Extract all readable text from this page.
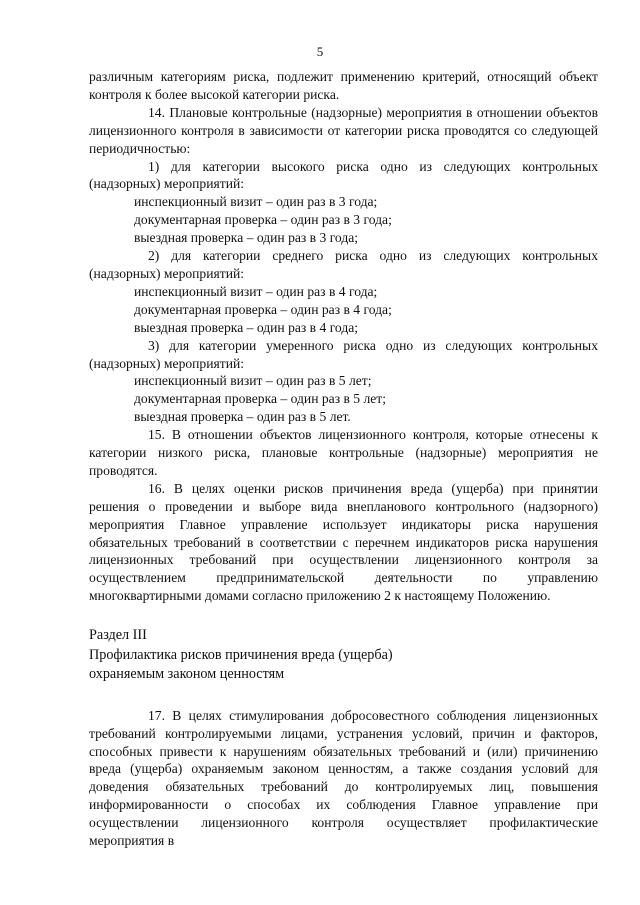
5

различным категориям риска, подлежит применению критерий, относящий объект контроля к более высокой категории риска.

14. Плановые контрольные (надзорные) мероприятия в отношении объектов лицензионного контроля в зависимости от категории риска проводятся со следующей периодичностью:

1) для категории высокого риска одно из следующих контрольных (надзорных) мероприятий:

инспекционный визит – один раз в 3 года;

документарная проверка – один раз в 3 года;

выездная проверка – один раз в 3 года;

2) для категории среднего риска одно из следующих контрольных (надзорных) мероприятий:

инспекционный визит – один раз в 4 года;

документарная проверка – один раз в 4 года;

выездная проверка – один раз в 4 года;

3) для категории умеренного риска одно из следующих контрольных (надзорных) мероприятий:

инспекционный визит – один раз в 5 лет;

документарная проверка – один раз в 5 лет;

выездная проверка – один раз в 5 лет.

15. В отношении объектов лицензионного контроля, которые отнесены к категории низкого риска, плановые контрольные (надзорные) мероприятия не проводятся.

16. В целях оценки рисков причинения вреда (ущерба) при принятии решения о проведении и выборе вида внепланового контрольного (надзорного) мероприятия Главное управление использует индикаторы риска нарушения обязательных требований в соответствии с перечнем индикаторов риска нарушения лицензионных требований при осуществлении лицензионного контроля за осуществлением предпринимательской деятельности по управлению многоквартирными домами согласно приложению 2 к настоящему Положению.

Раздел III

Профилактика рисков причинения вреда (ущерба)

охраняемым законом ценностям

17. В целях стимулирования добросовестного соблюдения лицензионных требований контролируемыми лицами, устранения условий, причин и факторов, способных привести к нарушениям обязательных требований и (или) причинению вреда (ущерба) охраняемым законом ценностям, а также создания условий для доведения обязательных требований до контролируемых лиц, повышения информированности о способах их соблюдения Главное управление при осуществлении лицензионного контроля осуществляет профилактические мероприятия в
